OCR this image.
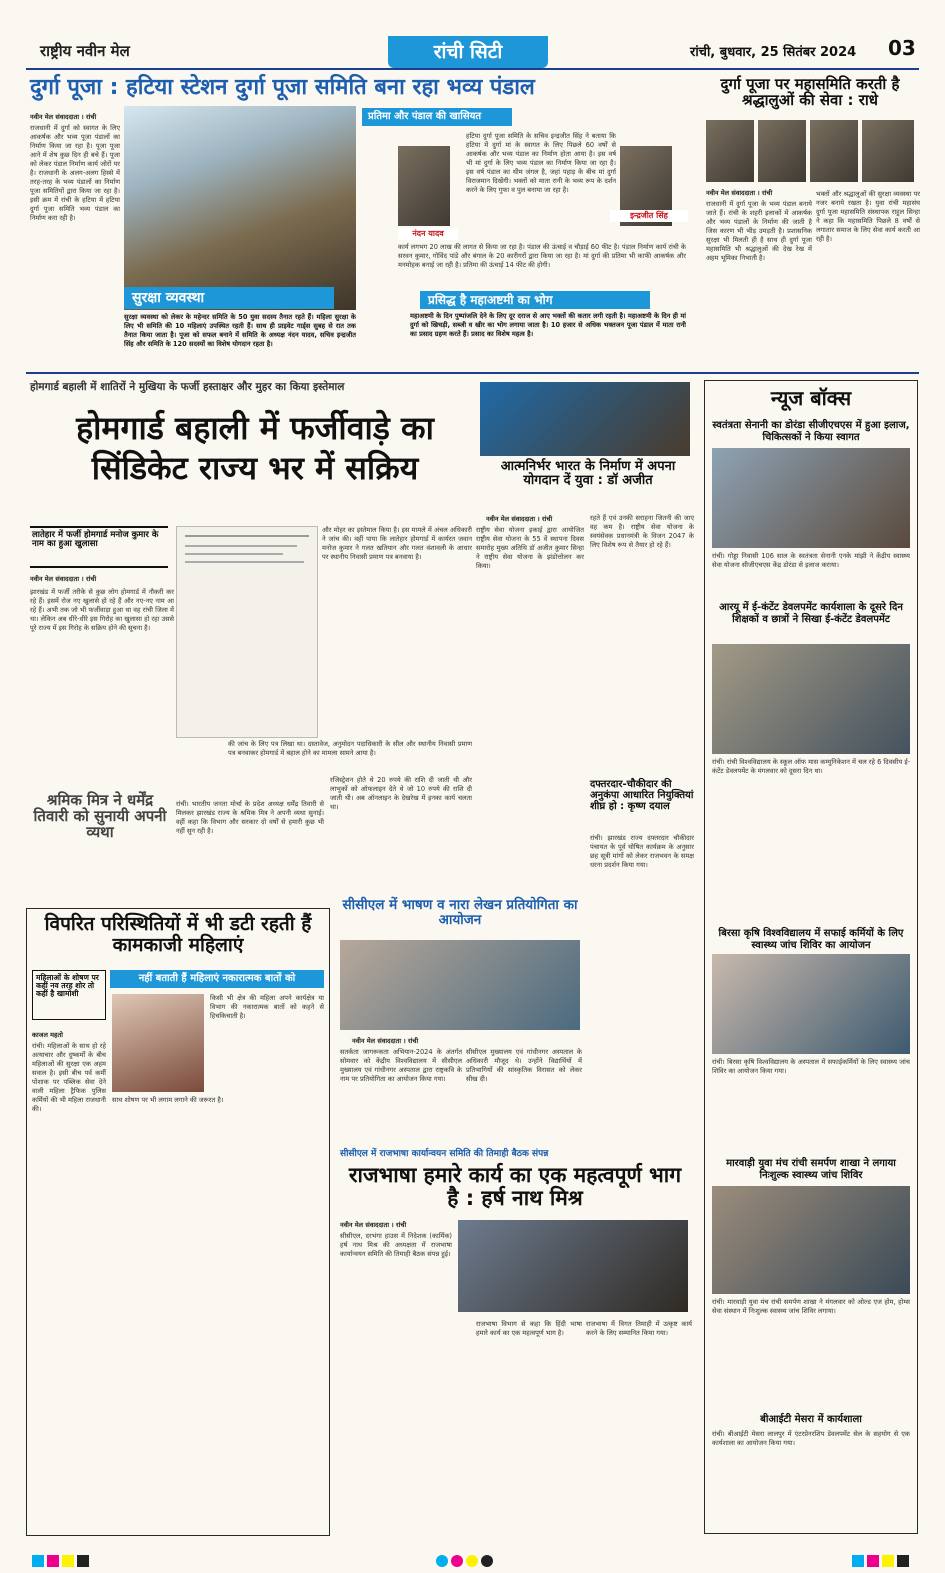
राष्ट्रीय नवीन मेल	रांची सिटी	रांची, बुधवार, 25 सितंबर 2024 03
दुर्गा पूजा : हटिया स्टेशन दुर्गा पूजा समिति बना रहा भव्य पंडाल
नवीन मेल संवाददाता । रांची
राजधानी में दुर्गा को स्वागत के लिए आकर्षक और भव्य पूजा पंडालों का निर्माण किया जा रहा है। पूजा पूजा आने में शेष कुछ दिन ही बचे हैं। पूजा को लेकर पंडाल निर्माण कार्य जोरों पर है। राजधानी के अलग-अलग हिस्से में तरह-तरह के भव्य पंडालों का निर्माण पूजा समितियों द्वारा किया जा रहा है। इसी क्रम में रांची के हटिया में हटिया दुर्गा पूजा समिति भव्य पंडाल का निर्माण करा रही है।
सुरक्षा व्यवस्था
प्रतिमा और पंडाल की खासियत
नंदन यादव
इन्द्रजीत सिंह
हटिया दुर्गा पूजा समिति के सचिव इन्द्रजीत सिंह ने बताया कि हटिया में दुर्गा मां के स्वागत के लिए पिछले 60 वर्षों से आकर्षक और भव्य पंडाल का निर्माण होता आया है। इस वर्ष भी मां दुर्गा के लिए भव्य पंडाल का निर्माण किया जा रहा है। इस वर्ष पंडाल का थीम जंगल है, जहां पहाड़ के बीच मां दुर्गा विराजमान दिखेंगी। भक्तों को माता रानी के भव्य रूप के दर्शन करने के लिए गुफा व पुल बनाया जा रहा है।
कार्य लगभग 20 लाख की लागत से किया जा रहा है। पंडाल की ऊंचाई व चौड़ाई 60 फीट है। पंडाल निर्माण कार्य रांची के सरवन कुमार, गोविंद पांडे और बंगाल के 20 कारीगरों द्वारा किया जा रहा है। मां दुर्गा की प्रतिमा भी काफी आकर्षक और मनमोहक बनाई जा रही है। प्रतिमा की ऊंचाई 14 फीट की होगी।
सुरक्षा व्यवस्था को लेकर के महेन्दर समिति के 50 युवा सदस्य तैनात रहते हैं। महिला सुरक्षा के लिए भी समिति की 10 महिलाएं उपस्थित रहती हैं। साथ ही प्राइवेट गार्ड्स सुबह से रात तक तैनात किया जाता है। पूजा को सफल बनाने में समिति के अध्यक्ष नंदन यादव, सचिव इन्द्रजीत सिंह और समिति के 120 सदस्यों का विशेष योगदान रहता है।
प्रसिद्ध है महाअष्टमी का भोग
महाअष्टमी के दिन पुष्पांजलि देने के लिए दूर दराज से आए भक्तों की कतार लगी रहती है। महाअष्टमी के दिन ही मां दुर्गा को खिचड़ी, सब्जी व खीर का भोग लगाया जाता है। 10 हजार से अधिक भक्तजन पूजा पंडाल में माता रानी का प्रसाद ग्रहण करते हैं। प्रसाद का विशेष महत्व है।
दुर्गा पूजा पर महासमिति करती है श्रद्धालुओं की सेवा : राधे
नवीन मेल संवाददाता । रांची
राजधानी में दुर्गा पूजा के भव्य पंडाल बनाये जाते हैं। रांची के शहरी इलाकों में आकर्षक और भव्य पंडालों के निर्माण की जाती है जिस कारण भी भीड़ उमड़ती है। प्रशासनिक सुरक्षा भी मिलती ही है साथ ही दुर्गा पूजा महासमिति भी श्रद्धालुओं की देख रेख में अहम भूमिका निभाती है।
भक्तों और श्रद्धालुओं की सुरक्षा व्यवस्था पर नजर बनाये रखता है। युवा रांची महासंघ दुर्गा पूजा महासमिति संस्थापक राहुल सिन्हा ने कहा कि महासमिति पिछले 8 वर्षों से लगातार समाज के लिए सेवा कार्य करती आ रही है।
होमगार्ड बहाली में शातिरों ने मुखिया के फर्जी हस्ताक्षर और मुहर का किया इस्तेमाल
होमगार्ड बहाली में फर्जीवाड़े का सिंडिकेट राज्य भर में सक्रिय
लातेहार में फर्जी होमगार्ड मनोज कुमार के नाम का हुआ खुलासा
नवीन मेल संवाददाता । रांची
झारखंड में फर्जी तरीके से कुछ लोग होमगार्ड में नौकरी कर रहे हैं। इसमें रोज नए खुलासे हो रहे हैं और नए-नए नाम आ रहे हैं। अभी तक जो भी फर्जीवाड़ा हुआ था वह रांची जिला में था। लेकिन अब धीरे-धीरे इस गिरोह का खुलासा हो रहा उससे पूरे राज्य में इस गिरोह के सक्रिय होने की सूचना है।
और मोहर का इस्तेमाल किया है। इस मामले में अंचल अधिकारी ने जांच की। वहीं पाया कि लातेहार होमगार्ड में कार्यरत जवान मनोज कुमार ने गलत खतियान और गलत वंशावली के आधार पर स्थानीय निवासी प्रमाण पत्र बनवाया है।
की जांच के लिए पत्र लिखा था। दस्तावेज, अनुमोदन पदाधिकारी के सील और स्थानीय निवासी प्रमाण पत्र बनवाकर होमगार्ड में बहाल होने का मामला सामने आया है।
आत्मनिर्भर भारत के निर्माण में अपना योगदान दें युवा : डॉ अजीत
नवीन मेल संवाददाता । रांची
राष्ट्रीय सेवा योजना इकाई द्वारा आयोजित राष्ट्रीय सेवा योजना के 55 वें स्थापना दिवस समारोह मुख्य अतिथि डॉ अजीत कुमार सिन्हा ने राष्ट्रीय सेवा योजना के झंडोत्तोलन कर किया।
रहते हैं एवं उनकी सराहना जितनी की जाए वह कम है। राष्ट्रीय सेवा योजना के स्वयंसेवक प्रधानमंत्री के विजन 2047 के लिए विशेष रूप से तैयार हो रहे हैं।
श्रमिक मित्र ने धर्मेंद्र तिवारी को सुनायी अपनी व्यथा
रांची। भारतीय जनता मोर्चा के प्रदेश अध्यक्ष धर्मेंद्र तिवारी से मिलकर झारखंड राज्य के श्रमिक मित्र ने अपनी व्यथा सुनाई। वहीं कहा कि विभाग और सरकार दो वर्षों से हमारी कुछ भी नहीं सुन रही है।
रजिस्ट्रेशन होते थे 20 रुपये की राशि दी जाती थी और लाभुकों को ऑफलाइन देते थे जो 10 रुपये की राशि दी जाती थी। अब ऑनलाइन के देखरेख में इनका कार्य चलता था।
दफ्तरदार-चौकीदार की अनुकंपा आधारित नियुक्तियां शीघ्र हो : कृष्ण दयाल
रांची। झारखंड राज्य दफ्तरदार चौकीदार पंचायत के पूर्व घोषित कार्यक्रम के अनुसार छह सूत्री मांगों को लेकर राजभवन के समक्ष धरना प्रदर्शन किया गया।
सीसीएल में भाषण व नारा लेखन प्रतियोगिता का आयोजन
नवीन मेल संवाददाता । रांची
सतर्कता जागरूकता अभियान-2024 के अंतर्गत सोमवार को केंद्रीय विश्वविद्यालय में सीसीएल मुख्यालय एवं गांधीनगर अस्पताल द्वारा राष्ट्रकवि के नाम पर प्रतियोगिता का आयोजन किया गया।
सीसीएल मुख्यालय एवं गांधीनगर अस्पताल के अधिकारी मौजूद थे। उन्होंने विद्यार्थियों में प्रतिभागियों की सांस्कृतिक विरासत को लेकर सीख दी।
सीसीएल में राजभाषा कार्यान्वयन समिति की तिमाही बैठक संपन्न
राजभाषा हमारे कार्य का एक महत्वपूर्ण भाग है : हर्ष नाथ मिश्र
नवीन मेल संवाददाता । रांची
सीसीएल, दरभंगा हाउस में निदेशक (कार्मिक) हर्ष नाथ मिश्र की अध्यक्षता में राजभाषा कार्यान्वयन समिति की तिमाही बैठक संपन्न हुई।
राजभाषा विभाग से कहा कि हिंदी भाषा हमारे कार्य का एक महत्वपूर्ण भाग है।
राजभाषा में विगत तिमाही में उत्कृष्ट कार्य करने के लिए सम्मानित किया गया।
विपरित परिस्थितियों में भी डटी रहती हैं कामकाजी महिलाएं
महिलाओं के शोषण पर कहीं नव तरह शोर तो कहीं है खामोशी
नहीं बताती हैं महिलाएं नकारात्मक बातों को
काजल महतो
रांची। महिलाओं के साथ हो रहे अत्याचार और दुष्कर्मों के बीच महिलाओं की सुरक्षा एक अहम सवाल है। इसी बीच पर्व कर्मी पोशाक पर पब्लिक सेवा देने वाली महिला ट्रैफिक पुलिस कर्मियों की भी महिला राजधानी की।
साथ शोषण पर भी लगाम लगाने की जरूरत है।
किसी भी क्षेत्र की महिला अपने कार्यक्षेत्र या विभाग की नकारात्मक बातों को कहने से हिचकिचाती है।
न्यूज बॉक्स
स्वतंत्रता सेनानी का डोरंडा सीजीएचएस में हुआ इलाज, चिकित्सकों ने किया स्वागत
रांची। गोड्डा निवासी 106 साल के स्वतंत्रता सेनानी एनके मांझी ने केंद्रीय स्वास्थ्य सेवा योजना सीजीएचएस केंद्र डोरंडा से इलाज कराया।
आरयू में ई-कंटेंट डेवलपमेंट कार्यशाला के दूसरे दिन शिक्षकों व छात्रों ने सिखा ई-कंटेंट डेवलपमेंट
रांची। रांची विश्वविद्यालय के स्कूल ऑफ मास कम्युनिकेशन में चल रहे 6 दिवसीय ई-कंटेंट डेवलपमेंट के मंगलवार को दूसरा दिन था।
बिरसा कृषि विश्वविद्यालय में सफाई कर्मियों के लिए स्वास्थ्य जांच शिविर का आयोजन
रांची। बिरसा कृषि विश्वविद्यालय के अस्पताल में सफाईकर्मियों के लिए स्वास्थ्य जांच शिविर का आयोजन किया गया।
मारवाड़ी युवा मंच रांची समर्पण शाखा ने लगाया निःशुल्क स्वास्थ्य जांच शिविर
रांची। मारवाड़ी युवा मंच रांची समर्पण शाखा ने मंगलवार को ओल्ड एज होम, होम्स सेवा संस्थान में निःशुल्क स्वास्थ्य जांच शिविर लगाया।
बीआईटी मेसरा में कार्यशाला
रांची। बीआईटी मेसरा लालपुर में एंटरप्रेनरशिप डेवलपमेंट सेल के सहयोग से एक कार्यशाला का आयोजन किया गया।
